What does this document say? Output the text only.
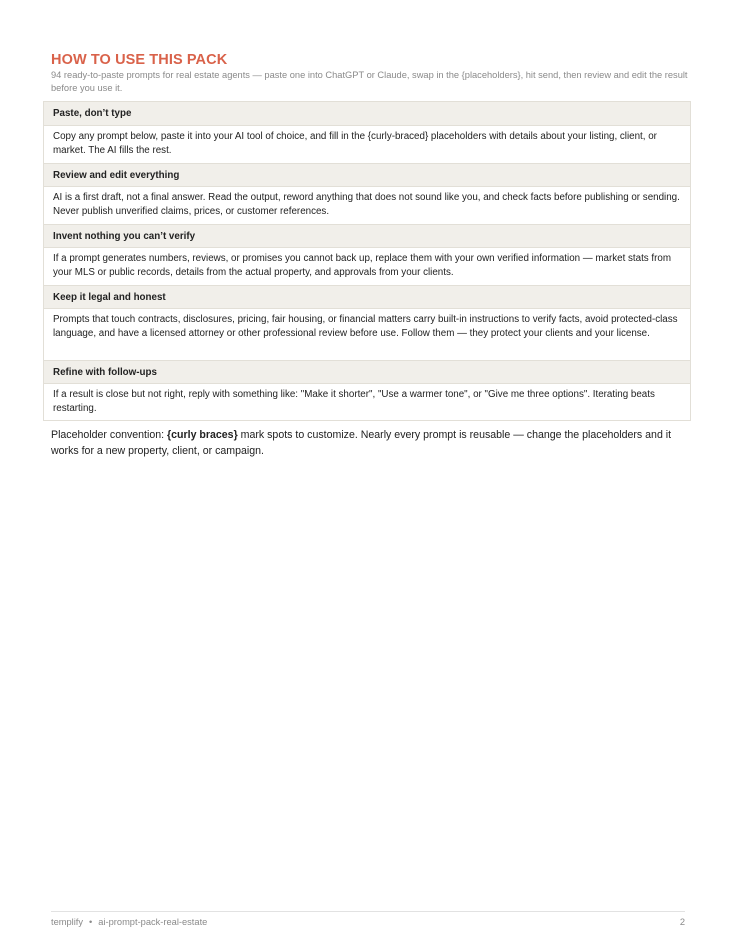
HOW TO USE THIS PACK
94 ready-to-paste prompts for real estate agents — paste one into ChatGPT or Claude, swap in the {placeholders}, hit send, then review and edit the result before you use it.
Paste, don’t type
Copy any prompt below, paste it into your AI tool of choice, and fill in the {curly-braced} placeholders with details about your listing, client, or market. The AI fills the rest.
Review and edit everything
AI is a first draft, not a final answer. Read the output, reword anything that does not sound like you, and check facts before publishing or sending. Never publish unverified claims, prices, or customer references.
Invent nothing you can’t verify
If a prompt generates numbers, reviews, or promises you cannot back up, replace them with your own verified information — market stats from your MLS or public records, details from the actual property, and approvals from your clients.
Keep it legal and honest
Prompts that touch contracts, disclosures, pricing, fair housing, or financial matters carry built-in instructions to verify facts, avoid protected-class language, and have a licensed attorney or other professional review before use. Follow them — they protect your clients and your license.
Refine with follow-ups
If a result is close but not right, reply with something like: "Make it shorter", "Use a warmer tone", or "Give me three options". Iterating beats restarting.
Placeholder convention: {curly braces} mark spots to customize. Nearly every prompt is reusable — change the placeholders and it works for a new property, client, or campaign.
templify • ai-prompt-pack-real-estate	2
